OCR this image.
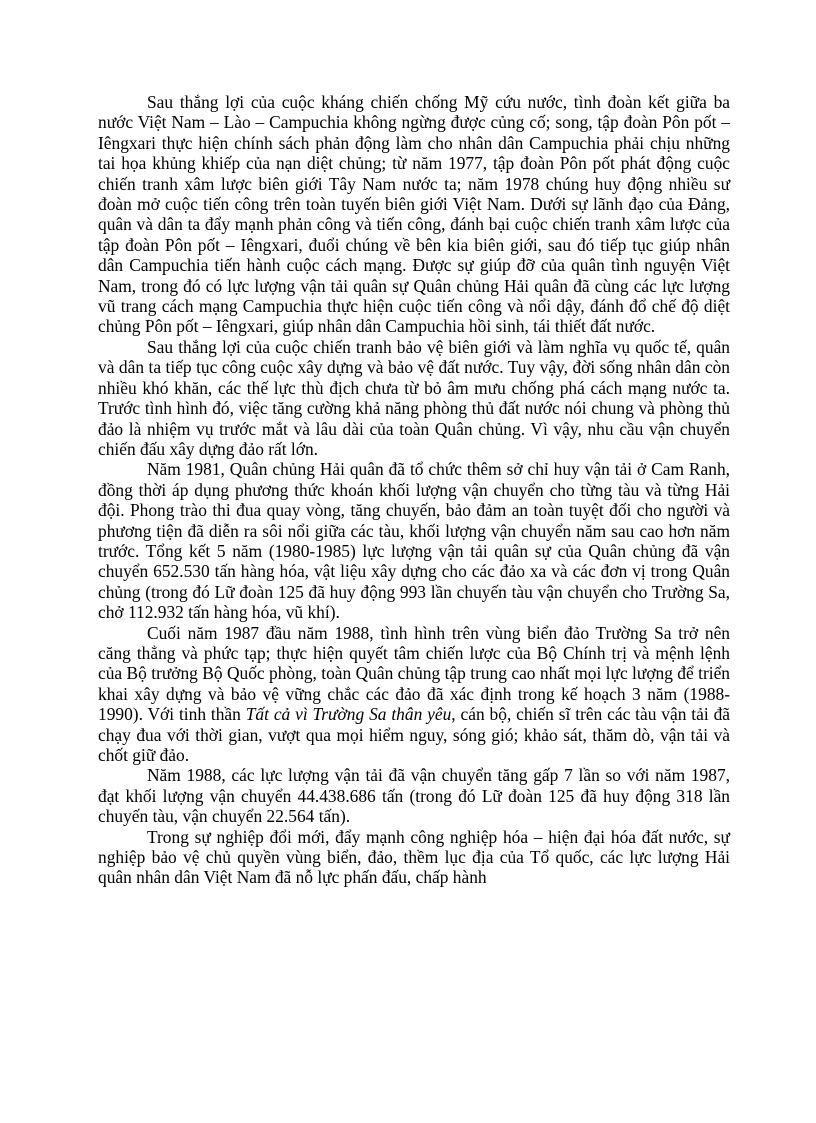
Sau thắng lợi của cuộc kháng chiến chống Mỹ cứu nước, tình đoàn kết giữa ba nước Việt Nam – Lào – Campuchia không ngừng được củng cố; song, tập đoàn Pôn pốt – Iêngxari thực hiện chính sách phản động làm cho nhân dân Campuchia phải chịu những tai họa khủng khiếp của nạn diệt chủng; từ năm 1977, tập đoàn Pôn pốt phát động cuộc chiến tranh xâm lược biên giới Tây Nam nước ta; năm 1978 chúng huy động nhiều sư đoàn mở cuộc tiến công trên toàn tuyến biên giới Việt Nam. Dưới sự lãnh đạo của Đảng, quân và dân ta đẩy mạnh phản công và tiến công, đánh bại cuộc chiến tranh xâm lược của tập đoàn Pôn pốt – Iêngxari, đuổi chúng về bên kia biên giới, sau đó tiếp tục giúp nhân dân Campuchia tiến hành cuộc cách mạng. Được sự giúp đỡ của quân tình nguyện Việt Nam, trong đó có lực lượng vận tải quân sự Quân chủng Hải quân đã cùng các lực lượng vũ trang cách mạng Campuchia thực hiện cuộc tiến công và nổi dậy, đánh đổ chế độ diệt chủng Pôn pốt – Iêngxari, giúp nhân dân Campuchia hồi sinh, tái thiết đất nước.

Sau thắng lợi của cuộc chiến tranh bảo vệ biên giới và làm nghĩa vụ quốc tế, quân và dân ta tiếp tục công cuộc xây dựng và bảo vệ đất nước. Tuy vậy, đời sống nhân dân còn nhiều khó khăn, các thế lực thù địch chưa từ bỏ âm mưu chống phá cách mạng nước ta. Trước tình hình đó, việc tăng cường khả năng phòng thủ đất nước nói chung và phòng thủ đảo là nhiệm vụ trước mắt và lâu dài của toàn Quân chủng. Vì vậy, nhu cầu vận chuyển chiến đấu xây dựng đảo rất lớn.

Năm 1981, Quân chủng Hải quân đã tổ chức thêm sở chỉ huy vận tải ở Cam Ranh, đồng thời áp dụng phương thức khoán khối lượng vận chuyển cho từng tàu và từng Hải đội. Phong trào thi đua quay vòng, tăng chuyến, bảo đảm an toàn tuyệt đối cho người và phương tiện đã diễn ra sôi nổi giữa các tàu, khối lượng vận chuyển năm sau cao hơn năm trước. Tổng kết 5 năm (1980-1985) lực lượng vận tải quân sự của Quân chủng đã vận chuyển 652.530 tấn hàng hóa, vật liệu xây dựng cho các đảo xa và các đơn vị trong Quân chủng (trong đó Lữ đoàn 125 đã huy động 993 lần chuyến tàu vận chuyển cho Trường Sa, chở 112.932 tấn hàng hóa, vũ khí).

Cuối năm 1987 đầu năm 1988, tình hình trên vùng biển đảo Trường Sa trở nên căng thẳng và phức tạp; thực hiện quyết tâm chiến lược của Bộ Chính trị và mệnh lệnh của Bộ trưởng Bộ Quốc phòng, toàn Quân chủng tập trung cao nhất mọi lực lượng để triển khai xây dựng và bảo vệ vững chắc các đảo đã xác định trong kế hoạch 3 năm (1988-1990). Với tinh thần Tất cả vì Trường Sa thân yêu, cán bộ, chiến sĩ trên các tàu vận tải đã chạy đua với thời gian, vượt qua mọi hiểm nguy, sóng gió; khảo sát, thăm dò, vận tải và chốt giữ đảo.

Năm 1988, các lực lượng vận tải đã vận chuyển tăng gấp 7 lần so với năm 1987, đạt khối lượng vận chuyển 44.438.686 tấn (trong đó Lữ đoàn 125 đã huy động 318 lần chuyến tàu, vận chuyển 22.564 tấn).

Trong sự nghiệp đổi mới, đẩy mạnh công nghiệp hóa – hiện đại hóa đất nước, sự nghiệp bảo vệ chủ quyền vùng biển, đảo, thềm lục địa của Tổ quốc, các lực lượng Hải quân nhân dân Việt Nam đã nỗ lực phấn đấu, chấp hành
